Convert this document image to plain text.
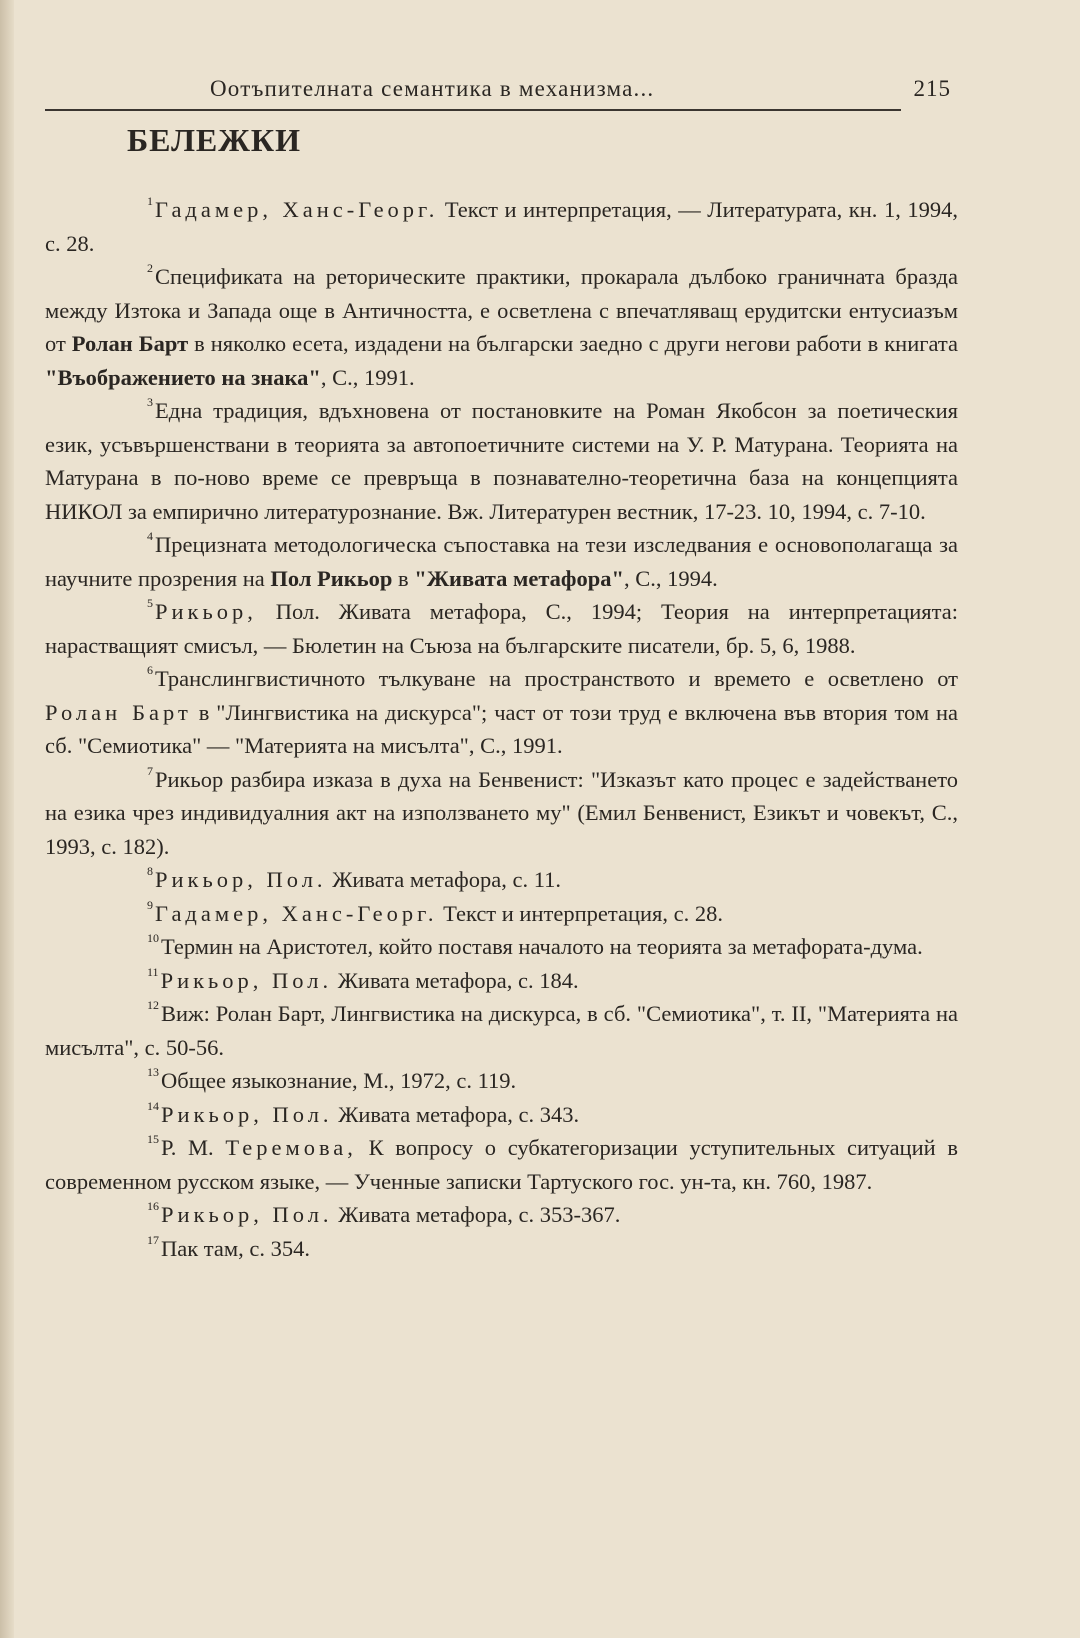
Оотъпителната семантика в механизма...	215
БЕЛЕЖКИ

$^1$Гадамер, Ханс-Георг. Текст и интерпретация, — Литературата, кн. 1, 1994, с. 28.

$^2$Спецификата на реторическите практики, прокарала дълбоко граничната бразда между Изтока и Запада още в Античността, е осветлена с впечатляващ ерудитски ентусиазъм от Ролан Барт в няколко есета, издадени на български заедно с други негови работи в книгата "Въображението на знака", С., 1991.

$^3$Една традиция, вдъхновена от постановките на Роман Якобсон за поетическия език, усъвършенствани в теорията за автопоетичните системи на У. Р. Матурана. Теорията на Матурана в по-ново време се превръща в познавателно-теоретична база на концепцията НИКОЛ за емпирично литературознание. Вж. Литературен вестник, 17-23. 10, 1994, с. 7-10.

$^4$Прецизната методологическа съпоставка на тези изследвания е основополагаща за научните прозрения на Пол Рикьор в "Живата метафора", С., 1994.

$^5$Рикьор, Пол. Живата метафора, С., 1994; Теория на интерпретацията: нарастващият смисъл, — Бюлетин на Съюза на българските писатели, бр. 5, 6, 1988.

$^6$Транслингвистичното тълкуване на пространството и времето е осветлено от Ролан Барт в "Лингвистика на дискурса"; част от този труд е включена във втория том на сб. "Семиотика" — "Материята на мисълта", С., 1991.

$^7$Рикьор разбира изказа в духа на Бенвенист: "Изказът като процес е задействането на езика чрез индивидуалния акт на използването му" (Емил Бенвенист, Езикът и човекът, С., 1993, с. 182).

$^8$Рикьор, Пол. Живата метафора, с. 11.

$^9$Гадамер, Ханс-Георг. Текст и интерпретация, с. 28.

$^{10}$Термин на Аристотел, който поставя началото на теорията за метафората-дума.

$^{11}$Рикьор, Пол. Живата метафора, с. 184.

$^{12}$Виж: Ролан Барт, Лингвистика на дискурса, в сб. "Семиотика", т. II, "Материята на мисълта", с. 50-56.

$^{13}$Общее языкознание, М., 1972, с. 119.

$^{14}$Рикьор, Пол. Живата метафора, с. 343.

$^{15}$Р. М. Теремова, К вопросу о субкатегоризации уступительных ситуаций в современном русском языке, — Ученные записки Тартуского гос. ун-та, кн. 760, 1987.

$^{16}$Рикьор, Пол. Живата метафора, с. 353-367.

$^{17}$Пак там, с. 354.
